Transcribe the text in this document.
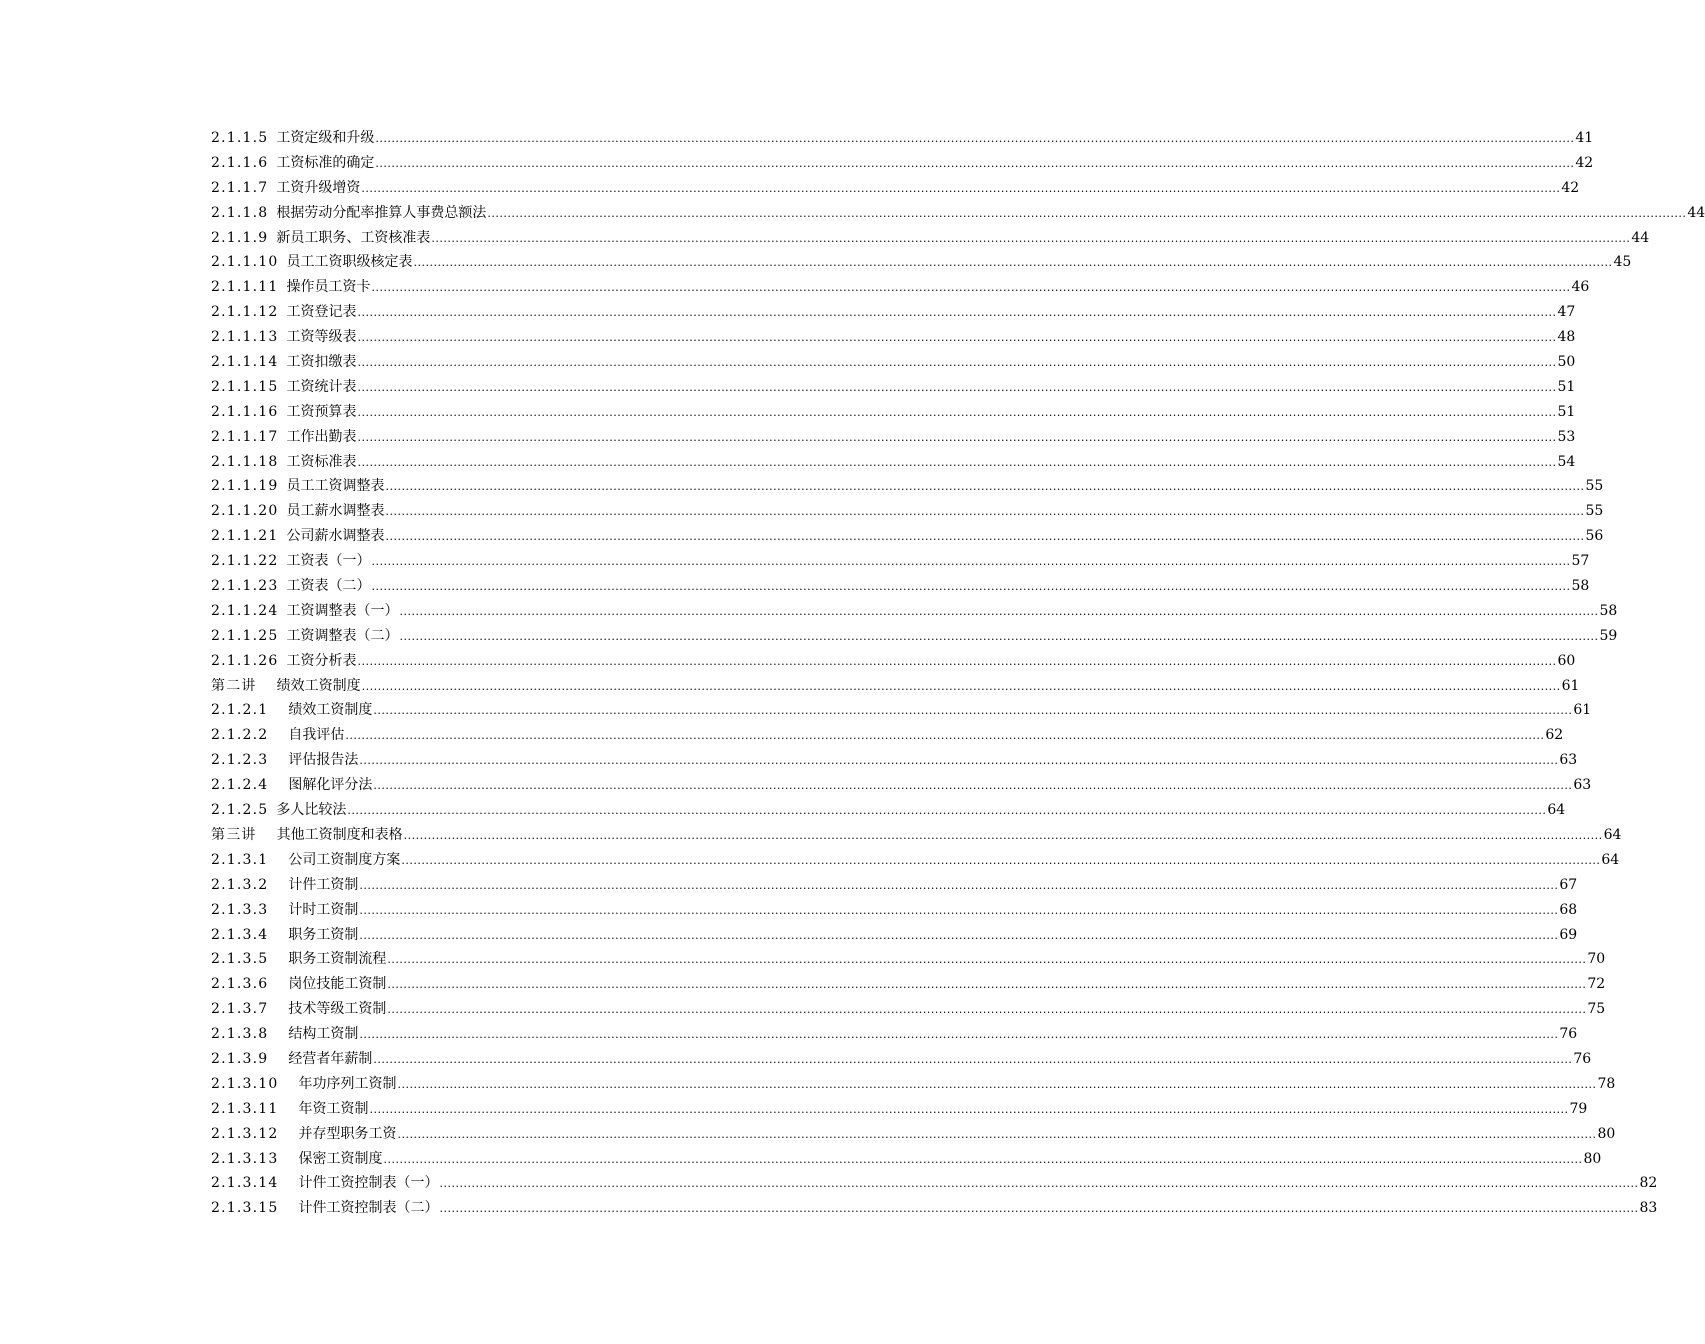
2.1.1.5 工资定级和升级 ............................................................................................................................................................................................................................................................................................................ 41
2.1.1.6 工资标准的确定 ............................................................................................................................................................................................................................................................................................................ 42
2.1.1.7 工资升级增资 ............................................................................................................................................................................................................................................................................................................ 42
2.1.1.8 根据劳动分配率推算人事费总额法 ............................................................................................................................................................................................................................................................................................................ 44
2.1.1.9 新员工职务、工资核准表 ............................................................................................................................................................................................................................................................................................................ 44
2.1.1.10 员工工资职级核定表 ............................................................................................................................................................................................................................................................................................................ 45
2.1.1.11 操作员工资卡 ............................................................................................................................................................................................................................................................................................................ 46
2.1.1.12 工资登记表 ............................................................................................................................................................................................................................................................................................................ 47
2.1.1.13 工资等级表 ............................................................................................................................................................................................................................................................................................................ 48
2.1.1.14 工资扣缴表 ............................................................................................................................................................................................................................................................................................................ 50
2.1.1.15 工资统计表 ............................................................................................................................................................................................................................................................................................................ 51
2.1.1.16 工资预算表 ............................................................................................................................................................................................................................................................................................................ 51
2.1.1.17 工作出勤表 ............................................................................................................................................................................................................................................................................................................ 53
2.1.1.18 工资标准表 ............................................................................................................................................................................................................................................................................................................ 54
2.1.1.19 员工工资调整表 ............................................................................................................................................................................................................................................................................................................ 55
2.1.1.20 员工薪水调整表 ............................................................................................................................................................................................................................................................................................................ 55
2.1.1.21 公司薪水调整表 ............................................................................................................................................................................................................................................................................................................ 56
2.1.1.22 工资表（一） ............................................................................................................................................................................................................................................................................................................ 57
2.1.1.23 工资表（二） ............................................................................................................................................................................................................................................................................................................ 58
2.1.1.24 工资调整表（一） ............................................................................................................................................................................................................................................................................................................ 58
2.1.1.25 工资调整表（二） ............................................................................................................................................................................................................................................................................................................ 59
2.1.1.26 工资分析表 ............................................................................................................................................................................................................................................................................................................ 60
第二讲 绩效工资制度 ............................................................................................................................................................................................................................................................................................................ 61
2.1.2.1 绩效工资制度 ............................................................................................................................................................................................................................................................................................................ 61
2.1.2.2 自我评估 ............................................................................................................................................................................................................................................................................................................ 62
2.1.2.3 评估报告法 ............................................................................................................................................................................................................................................................................................................ 63
2.1.2.4 图解化评分法 ............................................................................................................................................................................................................................................................................................................ 63
2.1.2.5 多人比较法 ............................................................................................................................................................................................................................................................................................................ 64
第三讲 其他工资制度和表格 ............................................................................................................................................................................................................................................................................................................ 64
2.1.3.1 公司工资制度方案 ............................................................................................................................................................................................................................................................................................................ 64
2.1.3.2 计件工资制 ............................................................................................................................................................................................................................................................................................................ 67
2.1.3.3 计时工资制 ............................................................................................................................................................................................................................................................................................................ 68
2.1.3.4 职务工资制 ............................................................................................................................................................................................................................................................................................................ 69
2.1.3.5 职务工资制流程 ............................................................................................................................................................................................................................................................................................................ 70
2.1.3.6 岗位技能工资制 ............................................................................................................................................................................................................................................................................................................ 72
2.1.3.7 技术等级工资制 ............................................................................................................................................................................................................................................................................................................ 75
2.1.3.8 结构工资制 ............................................................................................................................................................................................................................................................................................................ 76
2.1.3.9 经营者年薪制 ............................................................................................................................................................................................................................................................................................................ 76
2.1.3.10 年功序列工资制 ............................................................................................................................................................................................................................................................................................................ 78
2.1.3.11 年资工资制 ............................................................................................................................................................................................................................................................................................................ 79
2.1.3.12 并存型职务工资 ............................................................................................................................................................................................................................................................................................................ 80
2.1.3.13 保密工资制度 ............................................................................................................................................................................................................................................................................................................ 80
2.1.3.14 计件工资控制表（一） ............................................................................................................................................................................................................................................................................................................ 82
2.1.3.15 计件工资控制表（二） ............................................................................................................................................................................................................................................................................................................ 83
